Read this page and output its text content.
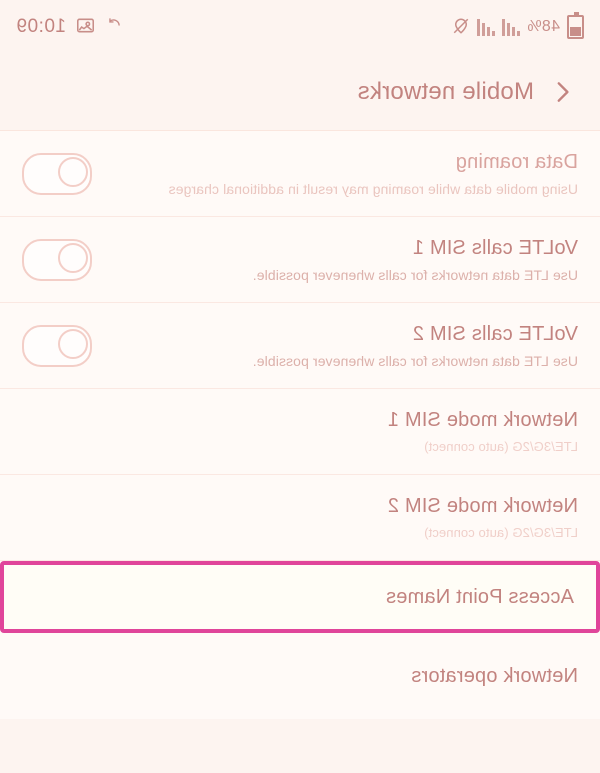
48%
10:09
Mobile networks
Data roaming
Using mobile data while roaming may result in additional charges
VoLTE calls SIM 1
Use LTE data networks for calls whenever possible.
VoLTE calls SIM 2
Use LTE data networks for calls whenever possible.
Network mode SIM 1
LTE/3G/2G (auto connect)
Network mode SIM 2
LTE/3G/2G (auto connect)
Access Point Names
Network operators
